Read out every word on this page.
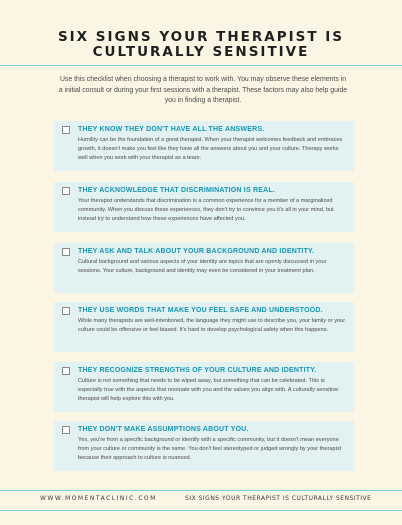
SIX SIGNS YOUR THERAPIST IS
CULTURALLY SENSITIVE
Use this checklist when choosing a therapist to work with. You may observe these elements in a initial consult or during your first sessions with a therapist. These factors may also help guide you in finding a therapist.
THEY KNOW THEY DON'T HAVE ALL THE ANSWERS.
Humility can be the foundation of a great therapist. When your therapist welcomes feedback and embraces growth, it doesn't make you feel like they have all the answers about you and your culture. Therapy works well when you work with your therapist as a team.
THEY ACKNOWLEDGE THAT DISCRIMINATION IS REAL.
Your therapist understands that discrimination is a common experience for a member of a marginalized community. When you discuss these experiences, they don't try to convince you it's all in your mind, but instead try to understand how these experiences have affected you.
THEY ASK AND TALK ABOUT YOUR BACKGROUND AND IDENTITY.
Cultural background and various aspects of your identity are topics that are openly discussed in your sessions. Your culture, background and identity may even be considered in your treatment plan.
THEY USE WORDS THAT MAKE YOU FEEL SAFE AND UNDERSTOOD.
While many therapists are well-intentioned, the language they might use to describe you, your family or your culture could be offensive or feel biased. It's hard to develop psychological safety when this happens.
THEY RECOGNIZE STRENGTHS OF YOUR CULTURE AND IDENTITY.
Culture is not something that needs to be wiped away, but something that can be celebrated. This is especially true with the aspects that resonate with you and the values you align with. A culturally sensitive therapist will help explore this with you.
THEY DON'T MAKE ASSUMPTIONS ABOUT YOU.
Yes, you're from a specific background or identify with a specific community, but it doesn't mean everyone from your culture or community is the same. You don't feel stereotyped or judged wrongly by your therapist because their approach to culture is nuanced.
WWW.MOMENTACLINIC.COM	SIX SIGNS YOUR THERAPIST IS CULTURALLY SENSITIVE
